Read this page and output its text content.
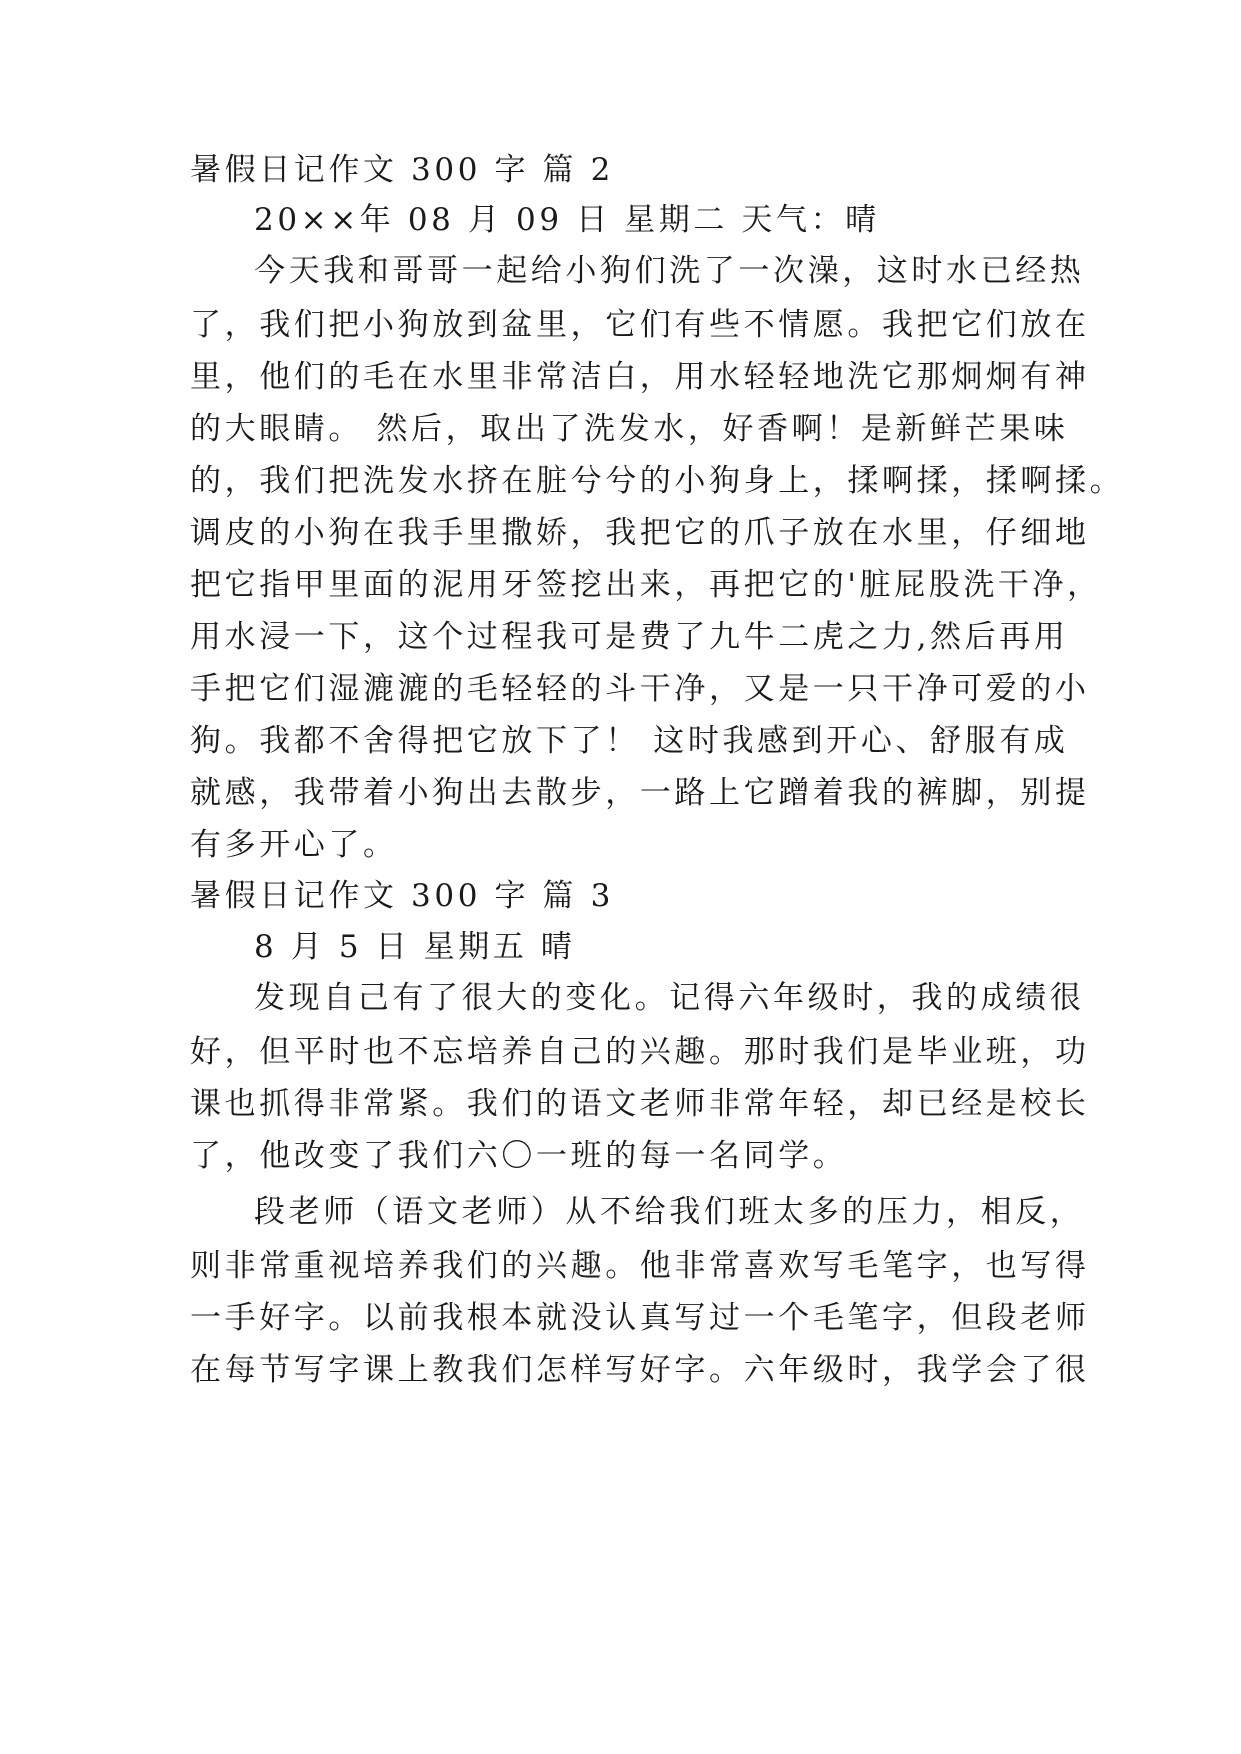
暑假日记作文 300 字 篇 2
20××年 08 月 09 日 星期二 天气：晴
今天我和哥哥一起给小狗们洗了一次澡，这时水已经热
了，我们把小狗放到盆里，它们有些不情愿。我把它们放在
里，他们的毛在水里非常洁白，用水轻轻地洗它那炯炯有神
的大眼睛。 然后，取出了洗发水，好香啊！是新鲜芒果味
的，我们把洗发水挤在脏兮兮的小狗身上，揉啊揉，揉啊揉。
调皮的小狗在我手里撒娇，我把它的爪子放在水里，仔细地
把它指甲里面的泥用牙签挖出来，再把它的'脏屁股洗干净，
用水浸一下，这个过程我可是费了九牛二虎之力,然后再用
手把它们湿漉漉的毛轻轻的斗干净，又是一只干净可爱的小
狗。我都不舍得把它放下了！ 这时我感到开心、舒服有成
就感，我带着小狗出去散步，一路上它蹭着我的裤脚，别提
有多开心了。
暑假日记作文 300 字 篇 3
8 月 5 日 星期五 晴
发现自己有了很大的变化。记得六年级时，我的成绩很
好，但平时也不忘培养自己的兴趣。那时我们是毕业班，功
课也抓得非常紧。我们的语文老师非常年轻，却已经是校长
了，他改变了我们六〇一班的每一名同学。
段老师（语文老师）从不给我们班太多的压力，相反，
则非常重视培养我们的兴趣。他非常喜欢写毛笔字，也写得
一手好字。以前我根本就没认真写过一个毛笔字，但段老师
在每节写字课上教我们怎样写好字。六年级时，我学会了很
